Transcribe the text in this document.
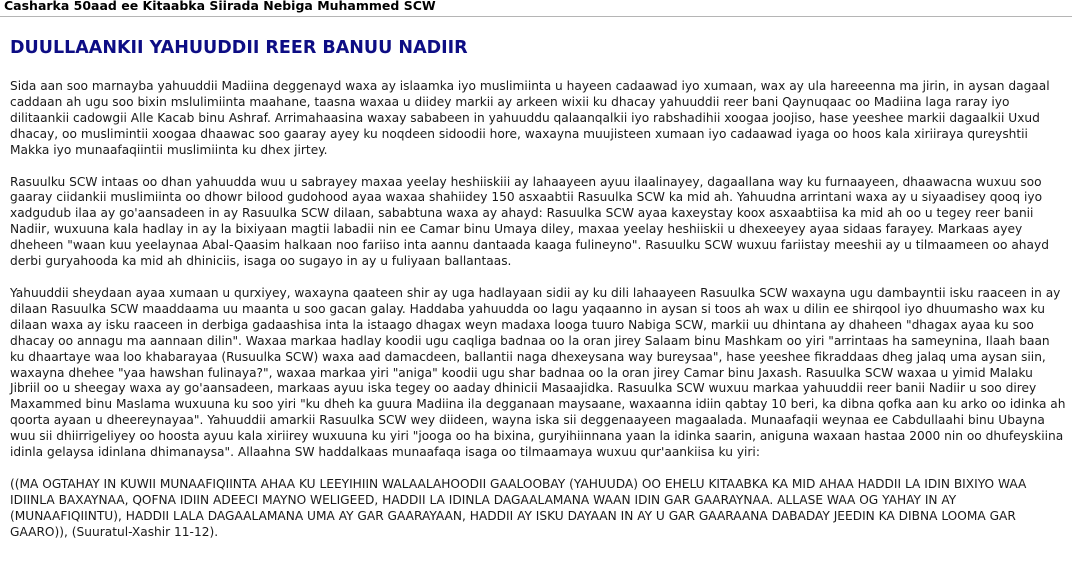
Casharka 50aad ee Kitaabka Siirada Nebiga Muhammed SCW
DUULLAANKII YAHUUDDII REER BANUU NADIIR

Sida aan soo marnayba yahuuddii Madiina deggenayd waxa ay islaamka iyo muslimiinta u hayeen cadaawad iyo xumaan, wax ay ula hareeenna ma jirin, in aysan dagaal caddaan ah ugu soo bixin mslulimiinta maahane, taasna waxaa u diidey markii ay arkeen wixii ku dhacay yahuuddii reer bani Qaynuqaac oo Madiina laga raray iyo dilitaankii cadowgii Alle Kacab binu Ashraf. Arrimahaasina waxay sababeen in yahuuddu qalaanqalkii iyo rabshadihii xoogaa joojiso, hase yeeshee markii dagaalkii Uxud dhacay, oo muslimintii xoogaa dhaawac soo gaaray ayey ku noqdeen sidoodii hore, waxayna muujisteen xumaan iyo cadaawad iyaga oo hoos kala xiriiraya qureyshtii Makka iyo munaafaqiintii muslimiinta ku dhex jirtey.

Rasuulku SCW intaas oo dhan yahuudda wuu u sabrayey maxaa yeelay heshiiskiii ay lahaayeen ayuu ilaalinayey, dagaallana way ku furnaayeen, dhaawacna wuxuu soo gaaray ciidankii muslimiinta oo dhowr bilood gudohood ayaa waxaa shahiidey 150 asxaabtii Rasuulka SCW ka mid ah. Yahuudna arrintani waxa ay u siyaadisey qooq iyo xadgudub ilaa ay go'aansadeen in ay Rasuulka SCW dilaan, sababtuna waxa ay ahayd: Rasuulka SCW ayaa kaxeystay koox asxaabtiisa ka mid ah oo u tegey reer banii Nadiir, wuxuuna kala hadlay in ay la bixiyaan magtii labadii nin ee Camar binu Umaya diley, maxaa yeelay heshiiskii u dhexeeyey ayaa sidaas farayey. Markaas ayey dheheen "waan kuu yeelaynaa Abal-Qaasim halkaan noo fariiso inta aannu dantaada kaaga fulineyno". Rasuulku SCW wuxuu fariistay meeshii ay u tilmaameen oo ahayd derbi guryahooda ka mid ah dhiniciis, isaga oo sugayo in ay u fuliyaan ballantaas.

Yahuuddii sheydaan ayaa xumaan u qurxiyey, waxayna qaateen shir ay uga hadlayaan sidii ay ku dili lahaayeen Rasuulka SCW waxayna ugu dambayntii isku raaceen in ay dilaan Rasuulka SCW maaddaama uu maanta u soo gacan galay. Haddaba yahuudda oo lagu yaqaanno in aysan si toos ah wax u dilin ee shirqool iyo dhuumasho wax ku dilaan waxa ay isku raaceen in derbiga gadaashisa inta la istaago dhagax weyn madaxa looga tuuro Nabiga SCW, markii uu dhintana ay dhaheen "dhagax ayaa ku soo dhacay oo annagu ma aannaan dilin". Waxaa markaa hadlay koodii ugu caqliga badnaa oo la oran jirey Salaam binu Mashkam oo yiri "arrintaas ha sameynina, Ilaah baan ku dhaartaye waa loo khabarayaa (Rusuulka SCW) waxa aad damacdeen, ballantii naga dhexeysana way bureysaa", hase yeeshee fikraddaas dheg jalaq uma aysan siin, waxayna dhehee "yaa hawshan fulinaya?", waxaa markaa yiri "aniga" koodii ugu shar badnaa oo la oran jirey Camar binu Jaxash. Rasuulka SCW waxaa u yimid Malaku Jibriil oo u sheegay waxa ay go'aansadeen, markaas ayuu iska tegey oo aaday dhinicii Masaajidka. Rasuulka SCW wuxuu markaa yahuuddii reer banii Nadiir u soo direy Maxammed binu Maslama wuxuuna ku soo yiri "ku dheh ka guura Madiina ila degganaan maysaane, waxaanna idiin qabtay 10 beri, ka dibna qofka aan ku arko oo idinka ah qoorta ayaan u dheereynayaa". Yahuuddii amarkii Rasuulka SCW wey diideen, wayna iska sii deggenaayeen magaalada. Munaafaqii weynaa ee Cabdullaahi binu Ubayna wuu sii dhiirrigeliyey oo hoosta ayuu kala xiriirey wuxuuna ku yiri "jooga oo ha bixina, guryihiinnana yaan la idinka saarin, aniguna waxaan hastaa 2000 nin oo dhufeyskiina idinla gelaysa idinlana dhimanaysa". Allaahna SW haddalkaas munaafaqa isaga oo tilmaamaya wuxuu qur'aankiisa ku yiri:

((MA OGTAHAY IN KUWII MUNAAFIQIINTA AHAA KU LEEYIHIIN WALAALAHOODII GAALOOBAY (YAHUUDA) OO EHELU KITAABKA KA MID AHAA HADDII LA IDIN BIXIYO WAA IDIINLA BAXAYNAA, QOFNA IDIIN ADEECI MAYNO WELIGEED, HADDII LA IDINLA DAGAALAMANA WAAN IDIN GAR GAARAYNAA. ALLASE WAA OG YAHAY IN AY (MUNAAFIQIINTU), HADDII LALA DAGAALAMANA UMA AY GAR GAARAYAAN, HADDII AY ISKU DAYAAN IN AY U GAR GAARAANA DABADAY JEEDIN KA DIBNA LOOMA GAR GAARO)), (Suuratul-Xashir 11-12).
